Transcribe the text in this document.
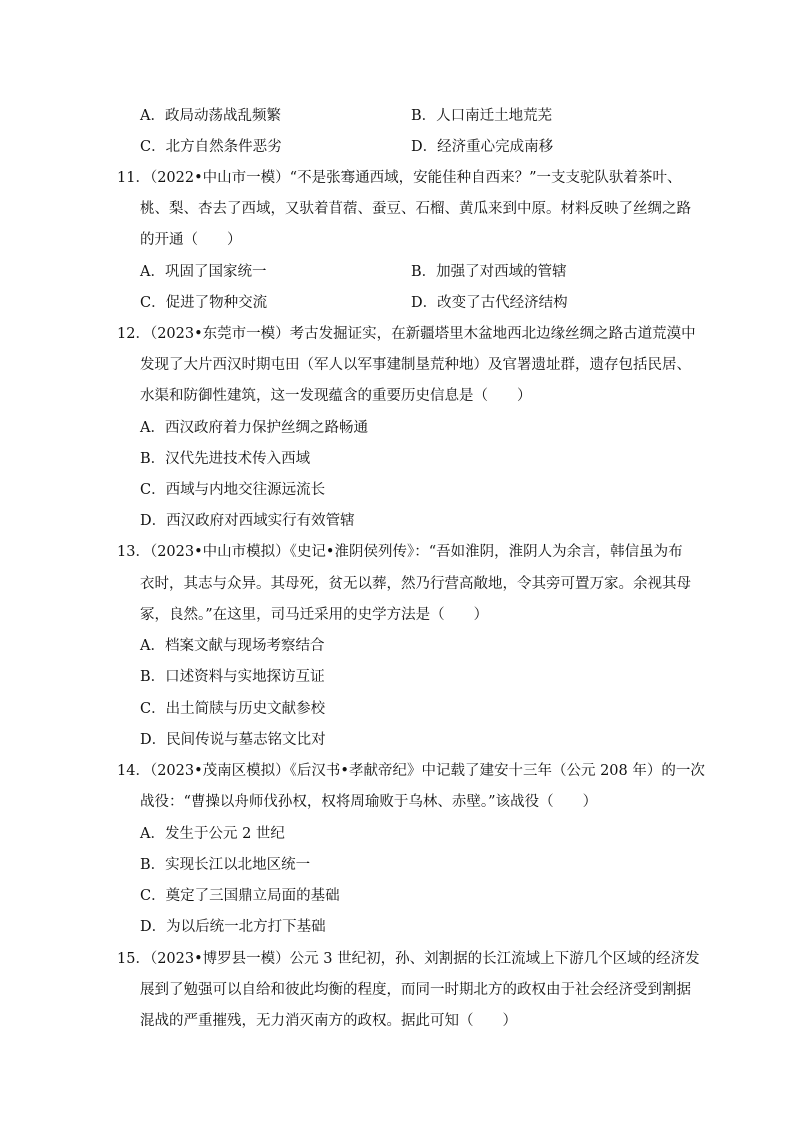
A．政局动荡战乱频繁	B．人口南迁土地荒芜
C．北方自然条件恶劣	D．经济重心完成南移
11．（2022•中山市一模）“不是张骞通西域，安能佳种自西来？”一支支驼队驮着茶叶、
桃、梨、杏去了西域，又驮着苜蓿、蚕豆、石榴、黄瓜来到中原。材料反映了丝绸之路
的开通（　　）
A．巩固了国家统一	B．加强了对西域的管辖
C．促进了物种交流	D．改变了古代经济结构
12．（2023•东莞市一模）考古发掘证实，在新疆塔里木盆地西北边缘丝绸之路古道荒漠中
发现了大片西汉时期屯田（军人以军事建制垦荒种地）及官署遗址群，遗存包括民居、
水渠和防御性建筑，这一发现蕴含的重要历史信息是（　　）
A．西汉政府着力保护丝绸之路畅通
B．汉代先进技术传入西域
C．西域与内地交往源远流长
D．西汉政府对西域实行有效管辖
13．（2023•中山市模拟）《史记•淮阴侯列传》：“吾如淮阴，淮阴人为余言，韩信虽为布
衣时，其志与众异。其母死，贫无以葬，然乃行营高敞地，令其旁可置万家。余视其母
冢，良然。”在这里，司马迁采用的史学方法是（　　）
A．档案文献与现场考察结合
B．口述资料与实地探访互证
C．出土简牍与历史文献参校
D．民间传说与墓志铭文比对
14．（2023•茂南区模拟）《后汉书•孝献帝纪》中记载了建安十三年（公元 208 年）的一次
战役：“曹操以舟师伐孙权，权将周瑜败于乌林、赤壁。”该战役（　　）
A．发生于公元 2 世纪
B．实现长江以北地区统一
C．奠定了三国鼎立局面的基础
D．为以后统一北方打下基础
15．（2023•博罗县一模）公元 3 世纪初，孙、刘割据的长江流域上下游几个区域的经济发
展到了勉强可以自给和彼此均衡的程度，而同一时期北方的政权由于社会经济受到割据
混战的严重摧残，无力消灭南方的政权。据此可知（　　）
